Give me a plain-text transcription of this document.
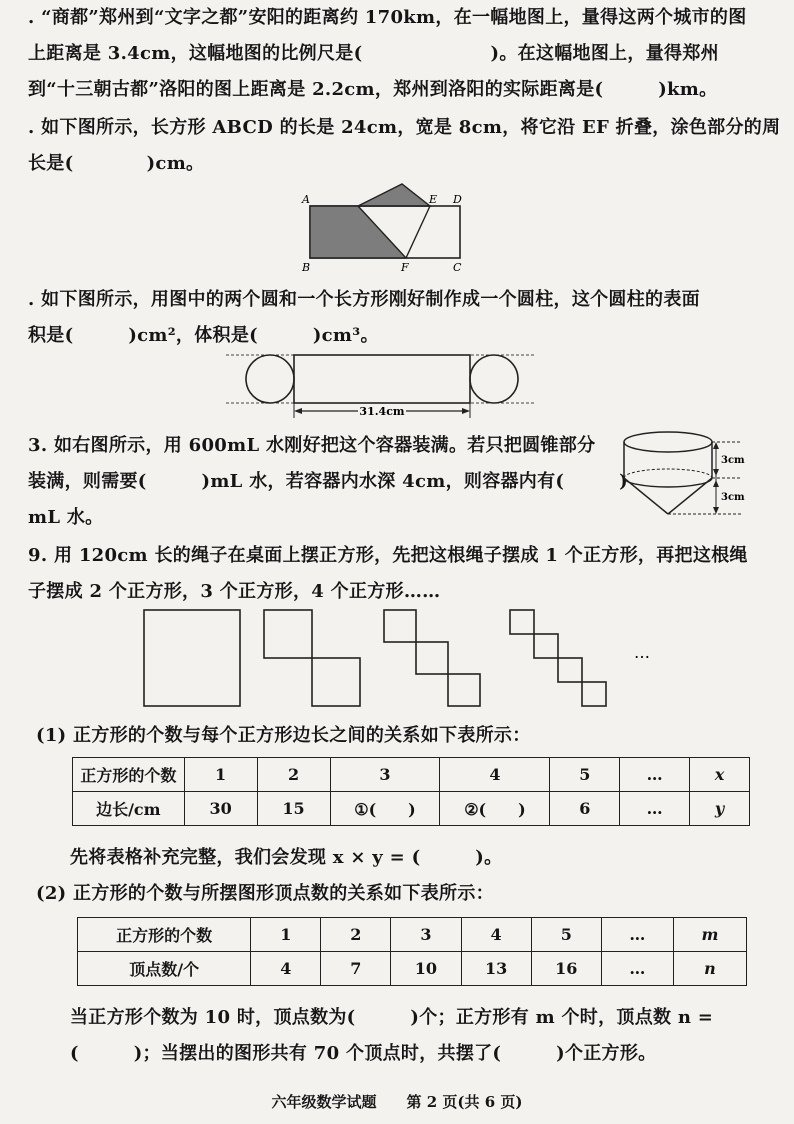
. “商都”郑州到“文字之都”安阳的距离约 170km，在一幅地图上，量得这两个城市的图
上距离是 3.4cm，这幅地图的比例尺是(　　　　　　　)。在这幅地图上，量得郑州
到“十三朝古都”洛阳的图上距离是 2.2cm，郑州到洛阳的实际距离是(　　　)km。
. 如下图所示，长方形 ABCD 的长是 24cm，宽是 8cm，将它沿 EF 折叠，涂色部分的周
长是(　　　　)cm。
A
B	C
D
E
F
. 如下图所示，用图中的两个圆和一个长方形刚好制作成一个圆柱，这个圆柱的表面
积是(　　　)cm²，体积是(　　　)cm³。
31.4cm
3. 如右图所示，用 600mL 水刚好把这个容器装满。若只把圆锥部分
装满，则需要(　　　)mL 水，若容器内水深 4cm，则容器内有(　　　)
mL 水。
3cm
3cm
9. 用 120cm 长的绳子在桌面上摆正方形，先把这根绳子摆成 1 个正方形，再把这根绳
子摆成 2 个正方形，3 个正方形，4 个正方形……
…
(1) 正方形的个数与每个正方形边长之间的关系如下表所示：
正方形的个数	1	2	3	4	5	…	x
边长/cm	30	15	①(　　)	②(　　)	6	…	y
先将表格补充完整，我们会发现 x × y = (　　　)。
(2) 正方形的个数与所摆图形顶点数的关系如下表所示：
正方形的个数	1	2	3	4	5	…	m
顶点数/个	4	7	10	13	16	…	n
当正方形个数为 10 时，顶点数为(　　　)个；正方形有 m 个时，顶点数 n =
(　　　)；当摆出的图形共有 70 个顶点时，共摆了(　　　)个正方形。
六年级数学试题　　第 2 页(共 6 页)
